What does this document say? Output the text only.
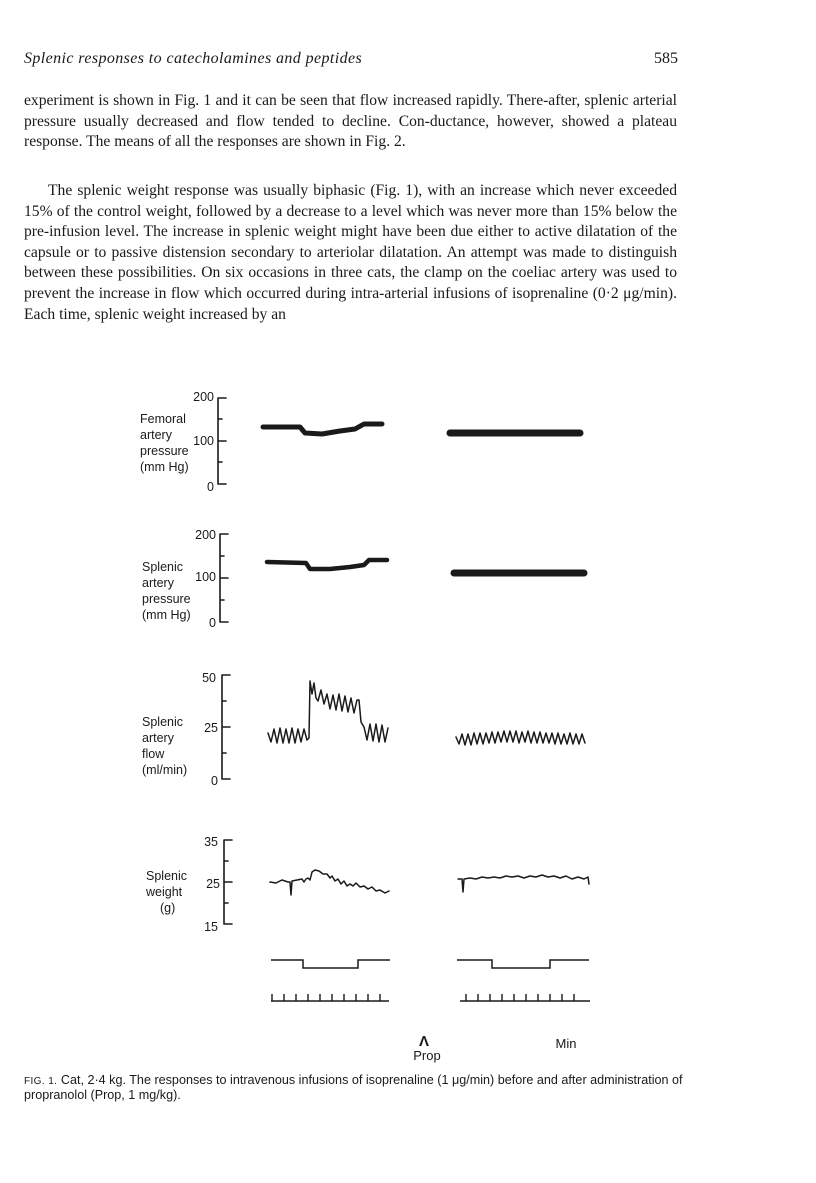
Splenic responses to catecholamines and peptides	585

experiment is shown in Fig. 1 and it can be seen that flow increased rapidly. There-after, splenic arterial pressure usually decreased and flow tended to decline. Con-ductance, however, showed a plateau response. The means of all the responses are shown in Fig. 2.

The splenic weight response was usually biphasic (Fig. 1), with an increase which never exceeded 15% of the control weight, followed by a decrease to a level which was never more than 15% below the pre-infusion level. The increase in splenic weight might have been due either to active dilatation of the capsule or to passive distension secondary to arteriolar dilatation. An attempt was made to distinguish between these possibilities. On six occasions in three cats, the clamp on the coeliac artery was used to prevent the increase in flow which occurred during intra-arterial infusions of isoprenaline (0·2 μg/min). Each time, splenic weight increased by an

Femoral
artery
pressure
(mm Hg)
200
100
0
Splenic
artery
pressure
(mm Hg)
200
100
0
Splenic
artery
flow
(ml/min)
50
25
0
Splenic
weight
(g)
35
25
15
Λ
Prop
Min
FIG. 1. Cat, 2·4 kg. The responses to intravenous infusions of isoprenaline (1 μg/min) before and after administration of propranolol (Prop, 1 mg/kg).
